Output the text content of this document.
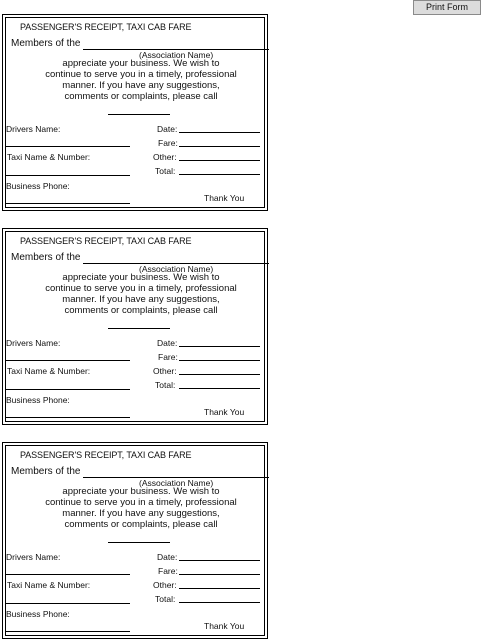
Print Form
PASSENGER'S RECEIPT, TAXI CAB FARE
Members of the
(Association Name)
appreciate your business. We wish to
continue to serve you in a timely, professional
manner. If you have any suggestions,
comments or complaints, please call
Drivers Name:
Taxi Name & Number:
Business Phone:
Date:
Fare:
Other:
Total:
Thank You
PASSENGER'S RECEIPT, TAXI CAB FARE
Members of the
(Association Name)
appreciate your business. We wish to
continue to serve you in a timely, professional
manner. If you have any suggestions,
comments or complaints, please call
Drivers Name:
Taxi Name & Number:
Business Phone:
Date:
Fare:
Other:
Total:
Thank You
PASSENGER'S RECEIPT, TAXI CAB FARE
Members of the
(Association Name)
appreciate your business. We wish to
continue to serve you in a timely, professional
manner. If you have any suggestions,
comments or complaints, please call
Drivers Name:
Taxi Name & Number:
Business Phone:
Date:
Fare:
Other:
Total:
Thank You
